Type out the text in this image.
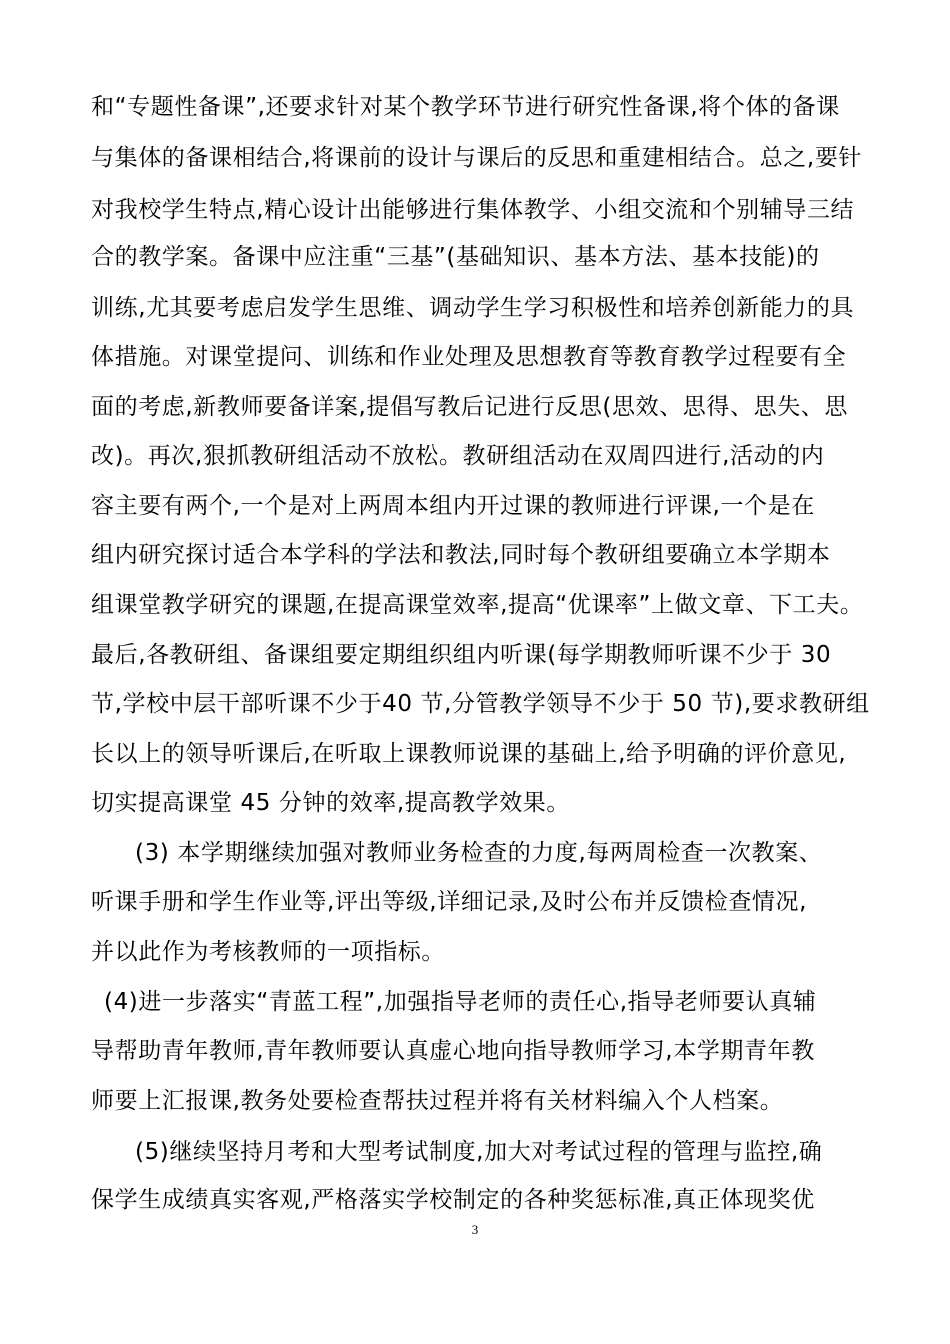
和“专题性备课”,还要求针对某个教学环节进行研究性备课,将个体的备课
与集体的备课相结合,将课前的设计与课后的反思和重建相结合。总之,要针
对我校学生特点,精心设计出能够进行集体教学、小组交流和个别辅导三结
合的教学案。备课中应注重“三基”(基础知识、基本方法、基本技能)的
训练,尤其要考虑启发学生思维、调动学生学习积极性和培养创新能力的具
体措施。对课堂提问、训练和作业处理及思想教育等教育教学过程要有全
面的考虑,新教师要备详案,提倡写教后记进行反思(思效、思得、思失、思
改)。再次,狠抓教研组活动不放松。教研组活动在双周四进行,活动的内
容主要有两个,一个是对上两周本组内开过课的教师进行评课,一个是在
组内研究探讨适合本学科的学法和教法,同时每个教研组要确立本学期本
组课堂教学研究的课题,在提高课堂效率,提高“优课率”上做文章、下工夫。
最后,各教研组、备课组要定期组织组内听课(每学期教师听课不少于 30
节,学校中层干部听课不少于40 节,分管教学领导不少于 50 节),要求教研组
长以上的领导听课后,在听取上课教师说课的基础上,给予明确的评价意见,
切实提高课堂 45 分钟的效率,提高教学效果。
(3) 本学期继续加强对教师业务检查的力度,每两周检查一次教案、
听课手册和学生作业等,评出等级,详细记录,及时公布并反馈检查情况,
并以此作为考核教师的一项指标。
(4)进一步落实“青蓝工程”,加强指导老师的责任心,指导老师要认真辅
导帮助青年教师,青年教师要认真虚心地向指导教师学习,本学期青年教
师要上汇报课,教务处要检查帮扶过程并将有关材料编入个人档案。
(5)继续坚持月考和大型考试制度,加大对考试过程的管理与监控,确
保学生成绩真实客观,严格落实学校制定的各种奖惩标准,真正体现奖优
3
